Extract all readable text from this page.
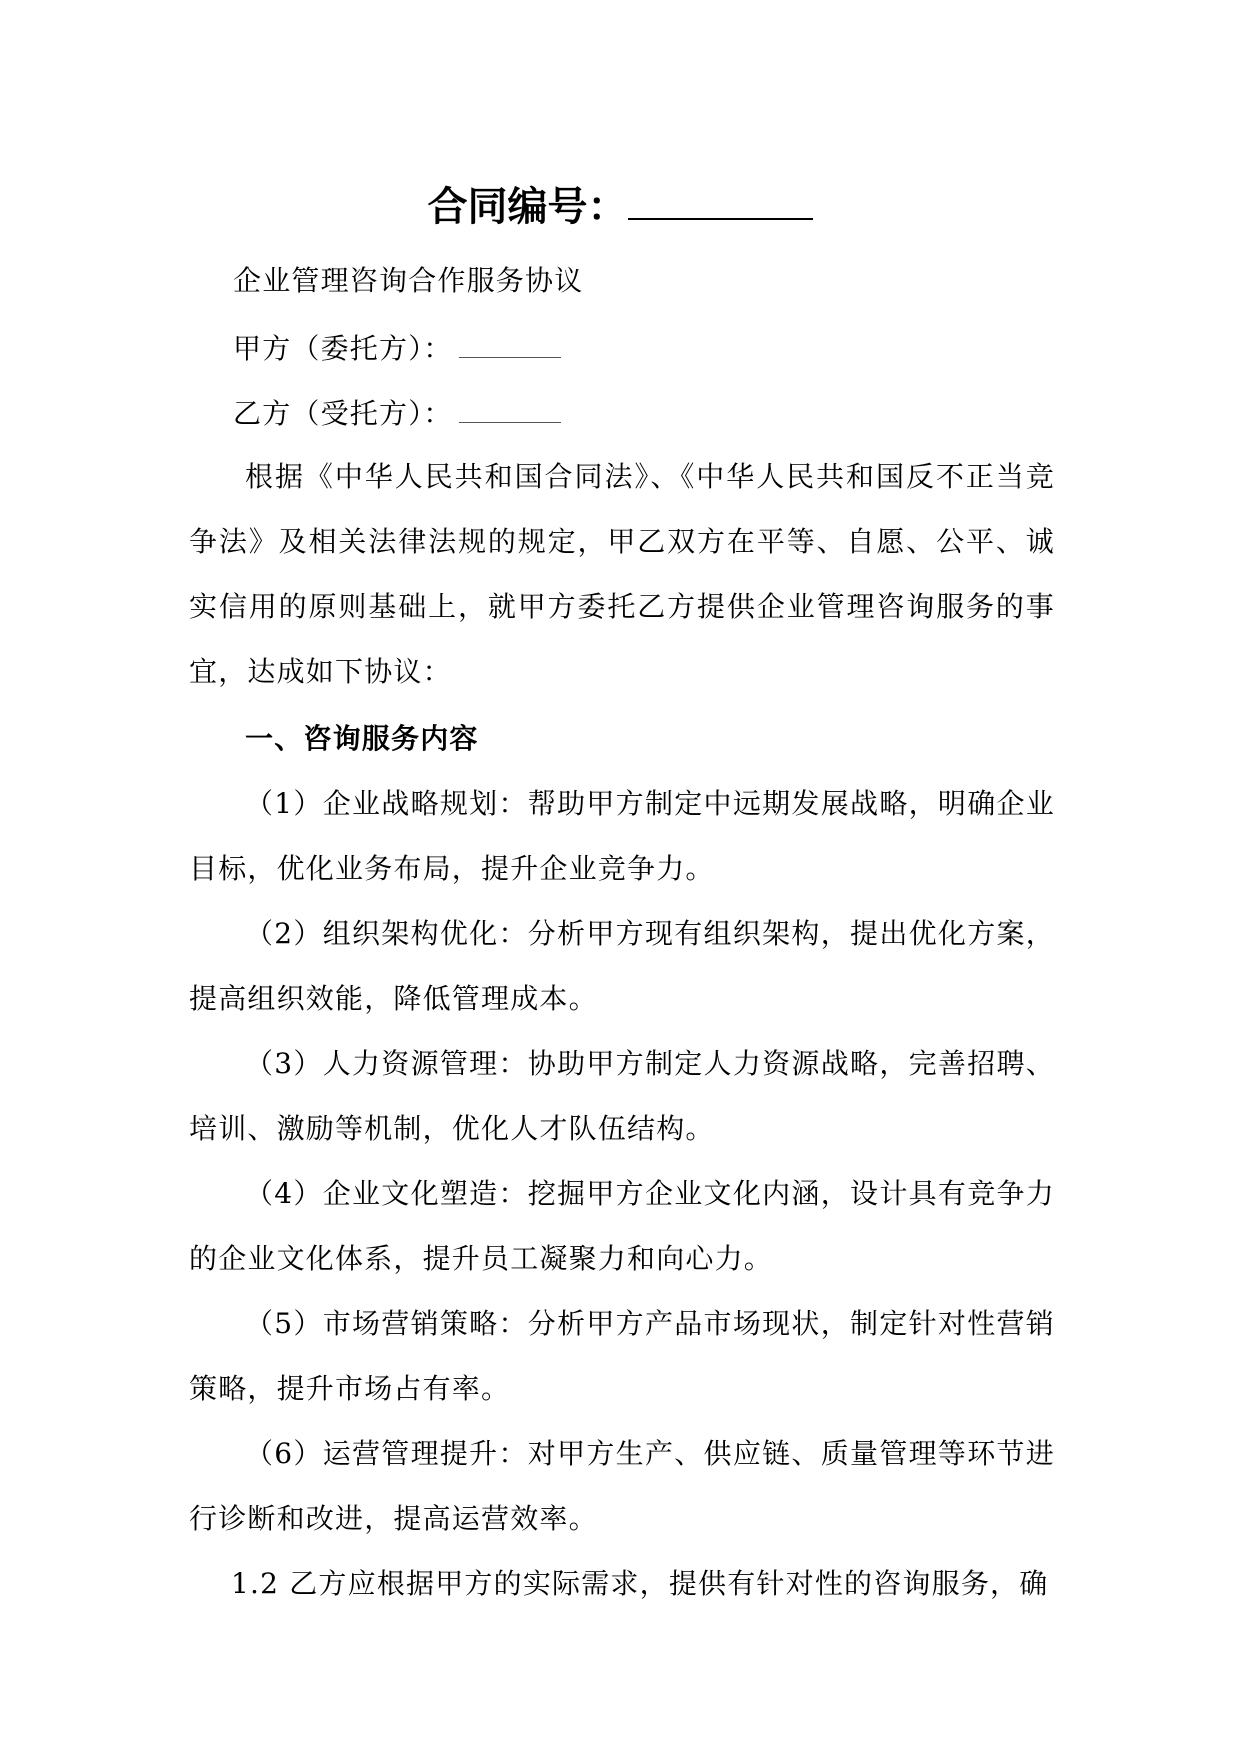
合同编号：
企业管理咨询合作服务协议
甲方（委托方）：
乙方（受托方）：
根据《中华人民共和国合同法》、《中华人民共和国反不正当竞争法》及相关法律法规的规定，甲乙双方在平等、自愿、公平、诚实信用的原则基础上，就甲方委托乙方提供企业管理咨询服务的事宜，达成如下协议：
一、咨询服务内容
（1）企业战略规划：帮助甲方制定中远期发展战略，明确企业目标，优化业务布局，提升企业竞争力。
（2）组织架构优化：分析甲方现有组织架构，提出优化方案，提高组织效能，降低管理成本。
（3）人力资源管理：协助甲方制定人力资源战略，完善招聘、培训、激励等机制，优化人才队伍结构。
（4）企业文化塑造：挖掘甲方企业文化内涵，设计具有竞争力的企业文化体系，提升员工凝聚力和向心力。
（5）市场营销策略：分析甲方产品市场现状，制定针对性营销策略，提升市场占有率。
（6）运营管理提升：对甲方生产、供应链、质量管理等环节进行诊断和改进，提高运营效率。
1.2 乙方应根据甲方的实际需求，提供有针对性的咨询服务，确
